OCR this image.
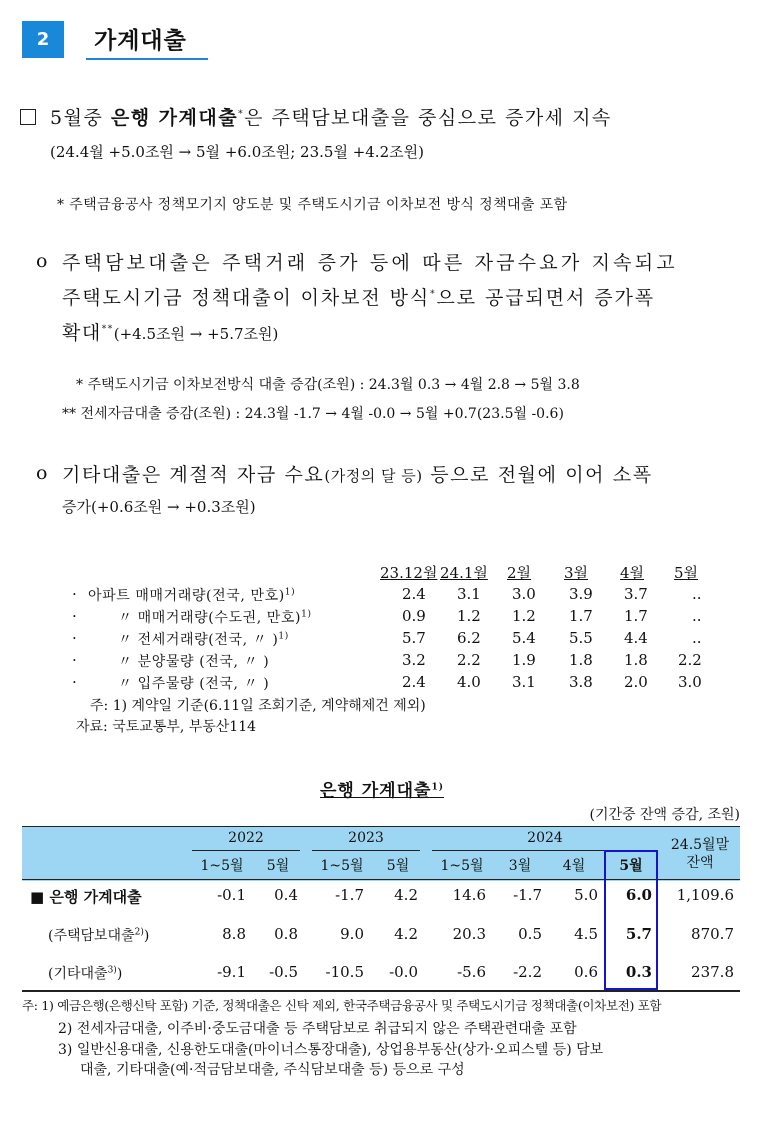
2	가계대출
5월중 은행 가계대출*은 주택담보대출을 중심으로 증가세 지속
(24.4월 +5.0조원 → 5월 +6.0조원; 23.5월 +4.2조원)
* 주택금융공사 정책모기지 양도분 및 주택도시기금 이차보전 방식 정책대출 포함
o 주택담보대출은 주택거래 증가 등에 따른 자금수요가 지속되고
주택도시기금 정책대출이 이차보전 방식*으로 공급되면서 증가폭
확대**(+4.5조원 → +5.7조원)
* 주택도시기금 이차보전방식 대출 증감(조원) : 24.3월 0.3 → 4월 2.8 → 5월 3.8
** 전세자금대출 증감(조원) : 24.3월 -1.7 → 4월 -0.0 → 5월 +0.7(23.5월 -0.6)
o 기타대출은 계절적 자금 수요(가정의 달 등) 등으로 전월에 이어 소폭
증가(+0.6조원 → +0.3조원)
23.12월 24.1월 2월 3월 4월 5월
· 아파트 매매거래량(전국, 만호)$^{1)}$	2.4 3.1 3.0 3.9 3.7	..
·	〃 매매거래량(수도권, 만호)$^{1)}$	0.9 1.2 1.2 1.7 1.7	..
·	〃 전세거래량(전국, 〃 )$^{1)}$	5.7 6.2 5.4 5.5 4.4	..
·	〃 분양물량 (전국, 〃 )	3.2 2.2 1.9 1.8 1.8 2.2
·	〃 입주물량 (전국, 〃 )	2.4 4.0 3.1 3.8 2.0 3.0
주: 1) 계약일 기준(6.11일 조회기준, 계약해제건 제외)
자료: 국토교통부, 부동산114
은행 가계대출$^{1)}$
(기간중 잔액 증감, 조원)
2022	2023	2024	24.5월말
잔액
1~5월	5월	1~5월	5월	1~5월	3월	4월	5월
■ 은행 가계대출	-0.1	0.4	-1.7	4.2	14.6	-1.7	5.0	6.0	1,109.6
(주택담보대출$^{2)}$)	8.8	0.8	9.0	4.2	20.3	0.5	4.5	5.7	870.7
(기타대출$^{3)}$)	-9.1	-0.5	-10.5	-0.0	-5.6	-2.2	0.6	0.3	237.8
주: 1) 예금은행(은행신탁 포함) 기준, 정책대출은 신탁 제외, 한국주택금융공사 및 주택도시기금 정책대출(이차보전) 포함
2) 전세자금대출, 이주비·중도금대출 등 주택담보로 취급되지 않은 주택관련대출 포함
3) 일반신용대출, 신용한도대출(마이너스통장대출), 상업용부동산(상가·오피스텔 등) 담보
대출, 기타대출(예·적금담보대출, 주식담보대출 등) 등으로 구성
